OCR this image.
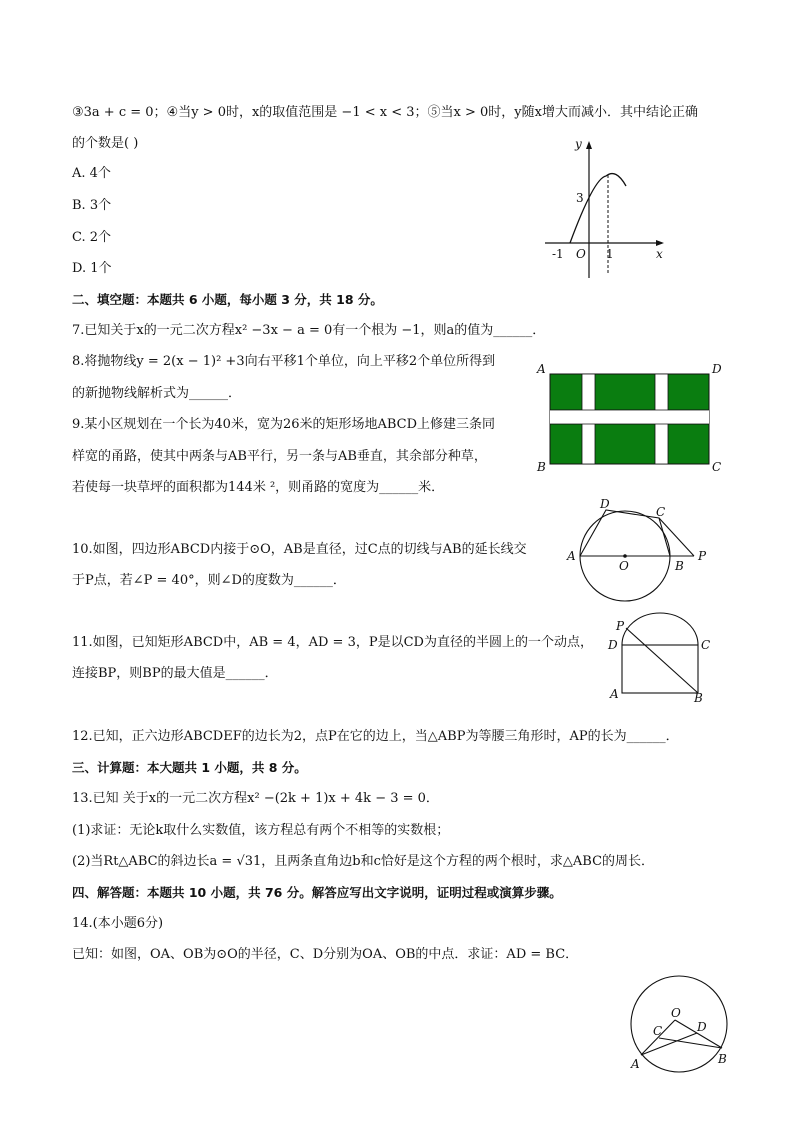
③3a + c = 0；④当y > 0时，x的取值范围是 −1 < x < 3；⑤当x > 0时，y随x增大而减小．其中结论正确
的个数是( )
A. 4个
B. 3个
C. 2个
D. 1个
y
3
-1 O 1	x
二、填空题：本题共 6 小题，每小题 3 分，共 18 分。
7.已知关于x的一元二次方程x² −3x − a = 0有一个根为 −1，则a的值为______．
8.将抛物线y = 2(x − 1)² +3向右平移1个单位，向上平移2个单位所得到
的新抛物线解析式为______．
9.某小区规划在一个长为40米，宽为26米的矩形场地ABCD上修建三条同
样宽的甬路，使其中两条与AB平行，另一条与AB垂直，其余部分种草，
若使每一块草坪的面积都为144米 ²，则甬路的宽度为______米．
A	D
B	C
10.如图，四边形ABCD内接于⊙O，AB是直径，过C点的切线与AB的延长线交
于P点，若∠P = 40°，则∠D的度数为______．
A
D
C
O	B
P
11.如图，已知矩形ABCD中，AB = 4，AD = 3，P是以CD为直径的半圆上的一个动点，
连接BP，则BP的最大值是______．
P
D	C
A	B
12.已知，正六边形ABCDEF的边长为2，点P在它的边上，当△ABP为等腰三角形时，AP的长为______．
三、计算题：本大题共 1 小题，共 8 分。
13.已知 关于x的一元二次方程x² −(2k + 1)x + 4k − 3 = 0．
(1)求证：无论k取什么实数值，该方程总有两个不相等的实数根；
(2)当Rt△ABC的斜边长a = √31，且两条直角边b和c恰好是这个方程的两个根时，求△ABC的周长．
四、解答题：本题共 10 小题，共 76 分。解答应写出文字说明，证明过程或演算步骤。
14.(本小题6分)
已知：如图，OA、OB为⊙O的半径，C、D分别为OA、OB的中点．求证：AD = BC．
O
C	D
A	B
